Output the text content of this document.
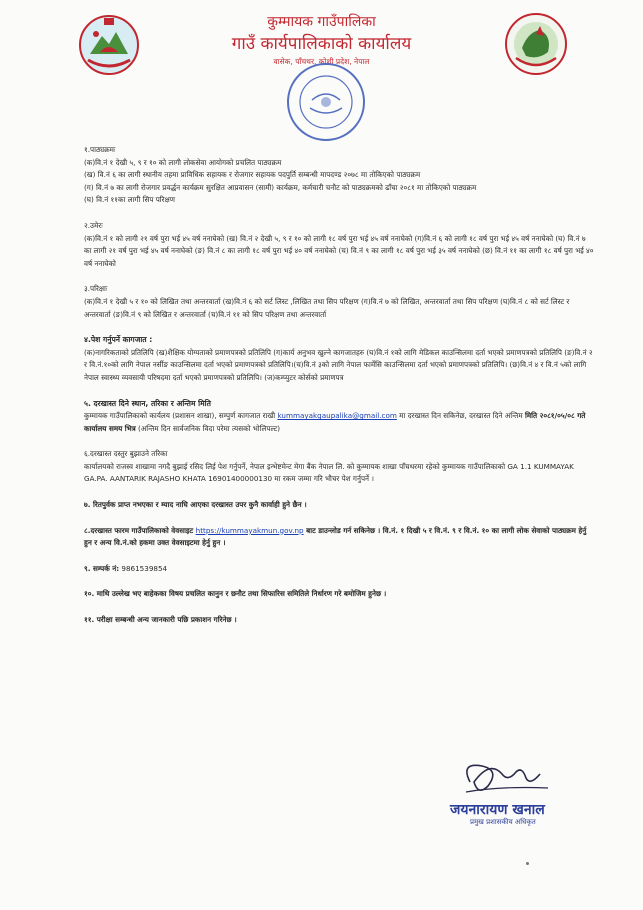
कुम्मायक गाउँपालिका
गाउँ कार्यपालिकाको कार्यालय
वासेक, पाँचथर, कोशी प्रदेश, नेपाल

१.पाठ्यक्रमः

(क)वि.नं १ देखी ५, ९ र १० को लागी लोकसेवा आयोगको प्रचलित पाठ्यक्रम

(ख) वि.नं ६ का लागी स्थानीय तहमा प्राविधिक सहायक र रोजगार सहायक पदपुर्ति सम्बन्धी मापदण्ड २०७८ मा तोकिएको पाठ्यक्रम

(ग) वि.नं ७ का लागी रोजगार प्रवर्द्धन कार्यक्रम सुरक्षित आप्रवासन (सामी) कार्यक्रम, कर्मचारी चनौट को पाठ्यक्रमको ढाँचा २०८१ मा तोकिएको पाठ्यक्रम

(घ) वि.नं ११का लागी सिप परिक्षण

२.उमेरः

(क)वि.नं १ को लागी २१ वर्ष पुरा भई ४५ वर्ष ननाघेको (ख) वि.नं २ देखी ५, ९ र १० को लागी १८ वर्ष पुरा भई ४५ वर्ष ननाघेको (ग)वि.नं ६ को लागी १८ वर्ष पुरा भई ४५ वर्ष ननाघेको (घ) वि.नं ७ का लागी २१ वर्ष पुरा भई ४५ वर्ष ननाघेको (ङ) वि.नं ८ का लागी १८ वर्ष पुरा भई ४० वर्ष ननाघेको (च) वि.नं ९ का लागी १८ वर्ष पुरा भई ३५ वर्ष ननाघेको (छ) वि.नं ११ का लागी १८ वर्ष पुरा भई ४० वर्ष ननाघेको

३.परिक्षाः

(क)वि.नं १ देखी ५ र १० को लिखित तथा अन्तरवार्ता (ख)वि.नं ६ को सर्ट लिस्ट ,लिखित तथा सिप परिक्षण (ग)वि.नं ७ को लिखित, अन्तरवार्ता तथा सिप परिक्षण (घ)वि.नं ८ को सर्ट लिस्ट र अन्तरवार्ता (ङ)वि.नं ९ को लिखित र अन्तरवार्ता (च)वि.नं ११ को सिप परिक्षण तथा अन्तरवार्ता

४.पेश गर्नुपर्ने कागजात :

(क)नागरिकताको प्रतिलिपि (ख)शैक्षिक योग्यताको प्रमाणपत्रको प्रतिलिपि (ग)कार्य अनुभव खुल्ने कागजातहरु (घ)वि.नं १को लागि मेडिकल काउन्सिलमा दर्ता भएको प्रमाणपत्रको प्रतिलिपि (ङ)वि.नं २ र वि.नं.१०को लागि नेपाल नर्सीङ काउन्सिलमा दर्ता भएको प्रमाणपत्रको प्रतिलिपि।(च)वि.नं ३को लागि नेपाल फार्मेसि काउन्सिलमा दर्ता भएको प्रमाणपत्रको प्रतिलिपि। (छ)वि.नं ४ र वि.नं ५को लागि नेपाल स्वास्थ्य व्यवसायी परिषदमा दर्ता भएको प्रमाणपत्रको प्रतिलिपि। (ज)कम्प्युटर कोर्सको प्रमाणपत्र

५. दरखास्त दिने स्थान, तरिका र अन्तिम मिति

कुम्मायक गाउँपालिकाको कार्यलय (प्रशासन शाखा), सम्पुर्ण कागजात राखी kummayakgaupalika@gmail.com मा दरखास्त दिन सकिनेछ, दरखास्त दिने अन्तिम मिति २०८१/०५/०८ गते कार्यालय समय भित्र (अन्तिम दिन सार्वजनिक विदा परेमा त्यसको भोलिपल्ट)

६.दरखास्त दस्तुर बुझाउने तरिका

कार्यालयको राजस्व शाखामा नगदै बुझाई रसिद लिई पेश गर्नुपर्ने, नेपाल इन्भेष्टमेन्ट मेगा बैंक नेपाल लि. को कुम्मायक शाखा पाँचथरमा रहेको कुम्मायक गाउँपालिकाको GA 1.1 KUMMAYAK GA.PA. AANTARIK RAJASHO KHATA 16901400000130 मा रकम जम्मा गरि भौचर पेश गर्नुपर्ने ।

७. रितपुर्वक प्राप्त नभएका र म्याद नाघि आएका दरखास्त उपर कुनै कार्वाही हुने छैन ।

८.दरखास्त फारम गाउँपालिकाको वेवसाइट https://kummayakmun.gov.np बाट डाउन्लोड गर्न सकिनेछ । वि.नं. १ दिखी ५ र वि.नं. ९ र वि.नं. १० का लागी लोक सेवाको पाठ्यक्रम हेर्नु हुन र अन्य वि.नं.को हकमा उक्त वेवसाइटमा हेर्नु हुन ।

९. सम्पर्क नं: 9861539854

१०. माथि उल्लेख भए बाहेकका विषय प्रचलित कानुन र छनौट तथा सिफारिस समितिले निर्धारण गरे बमोजिम हुनेछ ।

११. परीक्षा सम्बन्धी अन्य जानकारी पछि प्रकाशन गरिनेछ ।

जयनारायण खनाल
प्रमुख प्रशासकीय अधिकृत
